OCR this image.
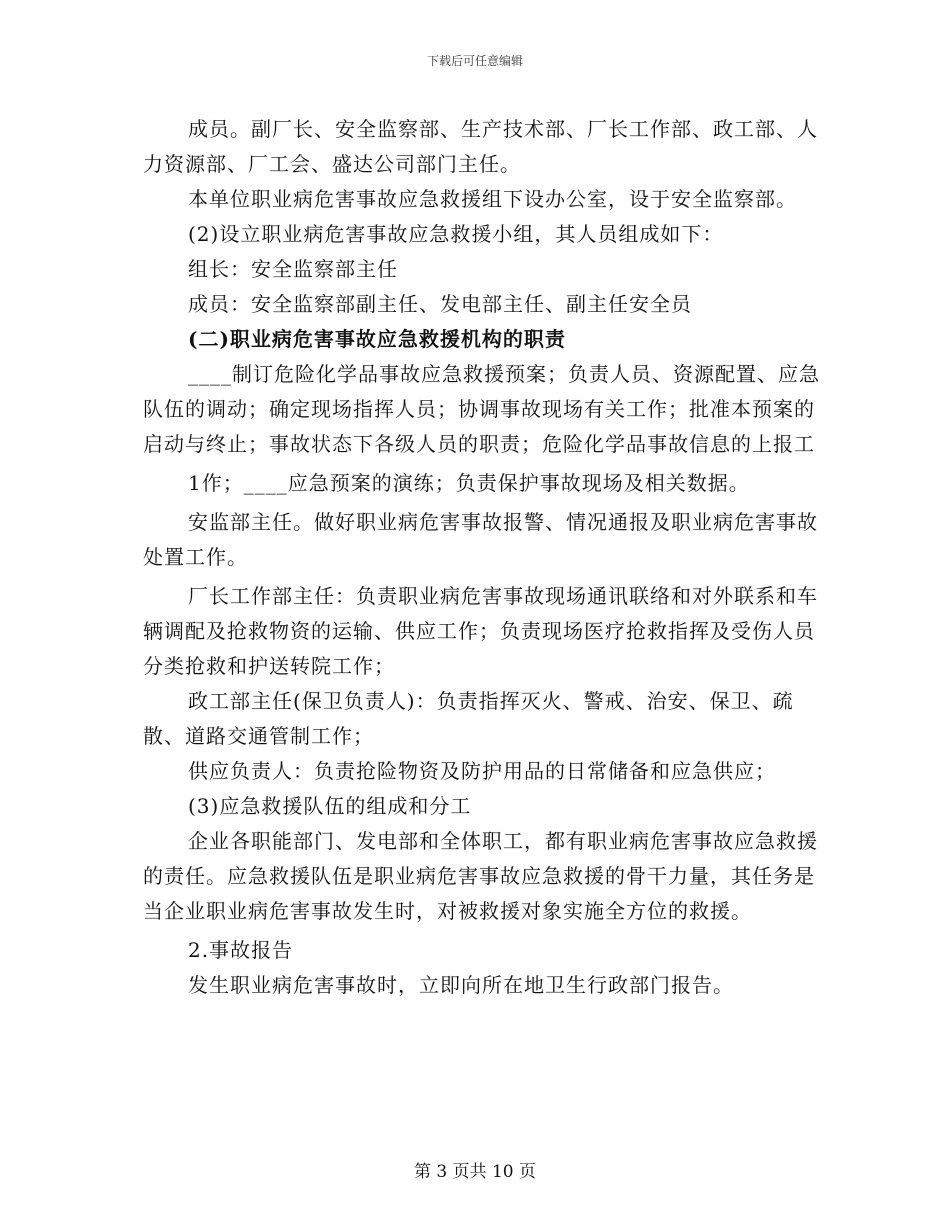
下载后可任意编辑

成员。副厂长、安全监察部、生产技术部、厂长工作部、政工部、人力资源部、厂工会、盛达公司部门主任。

本单位职业病危害事故应急救援组下设办公室，设于安全监察部。

(2)设立职业病危害事故应急救援小组，其人员组成如下：

组长：安全监察部主任

成员：安全监察部副主任、发电部主任、副主任安全员

(二)职业病危害事故应急救援机构的职责

____制订危险化学品事故应急救援预案；负责人员、资源配置、应急队伍的调动；确定现场指挥人员；协调事故现场有关工作；批准本预案的启动与终止；事故状态下各级人员的职责；危险化学品事故信息的上报工

1作；____应急预案的演练；负责保护事故现场及相关数据。

安监部主任。做好职业病危害事故报警、情况通报及职业病危害事故处置工作。

厂长工作部主任：负责职业病危害事故现场通讯联络和对外联系和车辆调配及抢救物资的运输、供应工作；负责现场医疗抢救指挥及受伤人员分类抢救和护送转院工作；

政工部主任(保卫负责人)：负责指挥灭火、警戒、治安、保卫、疏散、道路交通管制工作；

供应负责人：负责抢险物资及防护用品的日常储备和应急供应；

(3)应急救援队伍的组成和分工

企业各职能部门、发电部和全体职工，都有职业病危害事故应急救援的责任。应急救援队伍是职业病危害事故应急救援的骨干力量，其任务是当企业职业病危害事故发生时，对被救援对象实施全方位的救援。

2.事故报告

发生职业病危害事故时，立即向所在地卫生行政部门报告。

第 3 页共 10 页
